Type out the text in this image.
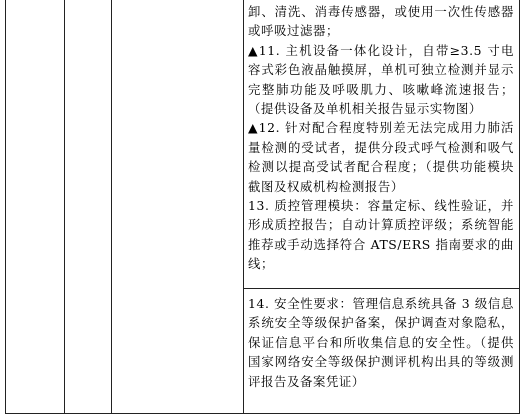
卸、清洗、消毒传感器，或使用一次性传感器或呼吸过滤器；

▲11. 主机设备一体化设计，自带≥3.5 寸电容式彩色液晶触摸屏，单机可独立检测并显示完整肺功能及呼吸肌力、咳嗽峰流速报告；（提供设备及单机相关报告显示实物图）

▲12. 针对配合程度特别差无法完成用力肺活量检测的受试者，提供分段式呼气检测和吸气检测以提高受试者配合程度；（提供功能模块截图及权威机构检测报告）

13. 质控管理模块：容量定标、线性验证，并形成质控报告；自动计算质控评级；系统智能推荐或手动选择符合 ATS/ERS 指南要求的曲线；

14. 安全性要求：管理信息系统具备 3 级信息系统安全等级保护备案，保护调查对象隐私，保证信息平台和所收集信息的安全性。（提供国家网络安全等级保护测评机构出具的等级测评报告及备案凭证）
